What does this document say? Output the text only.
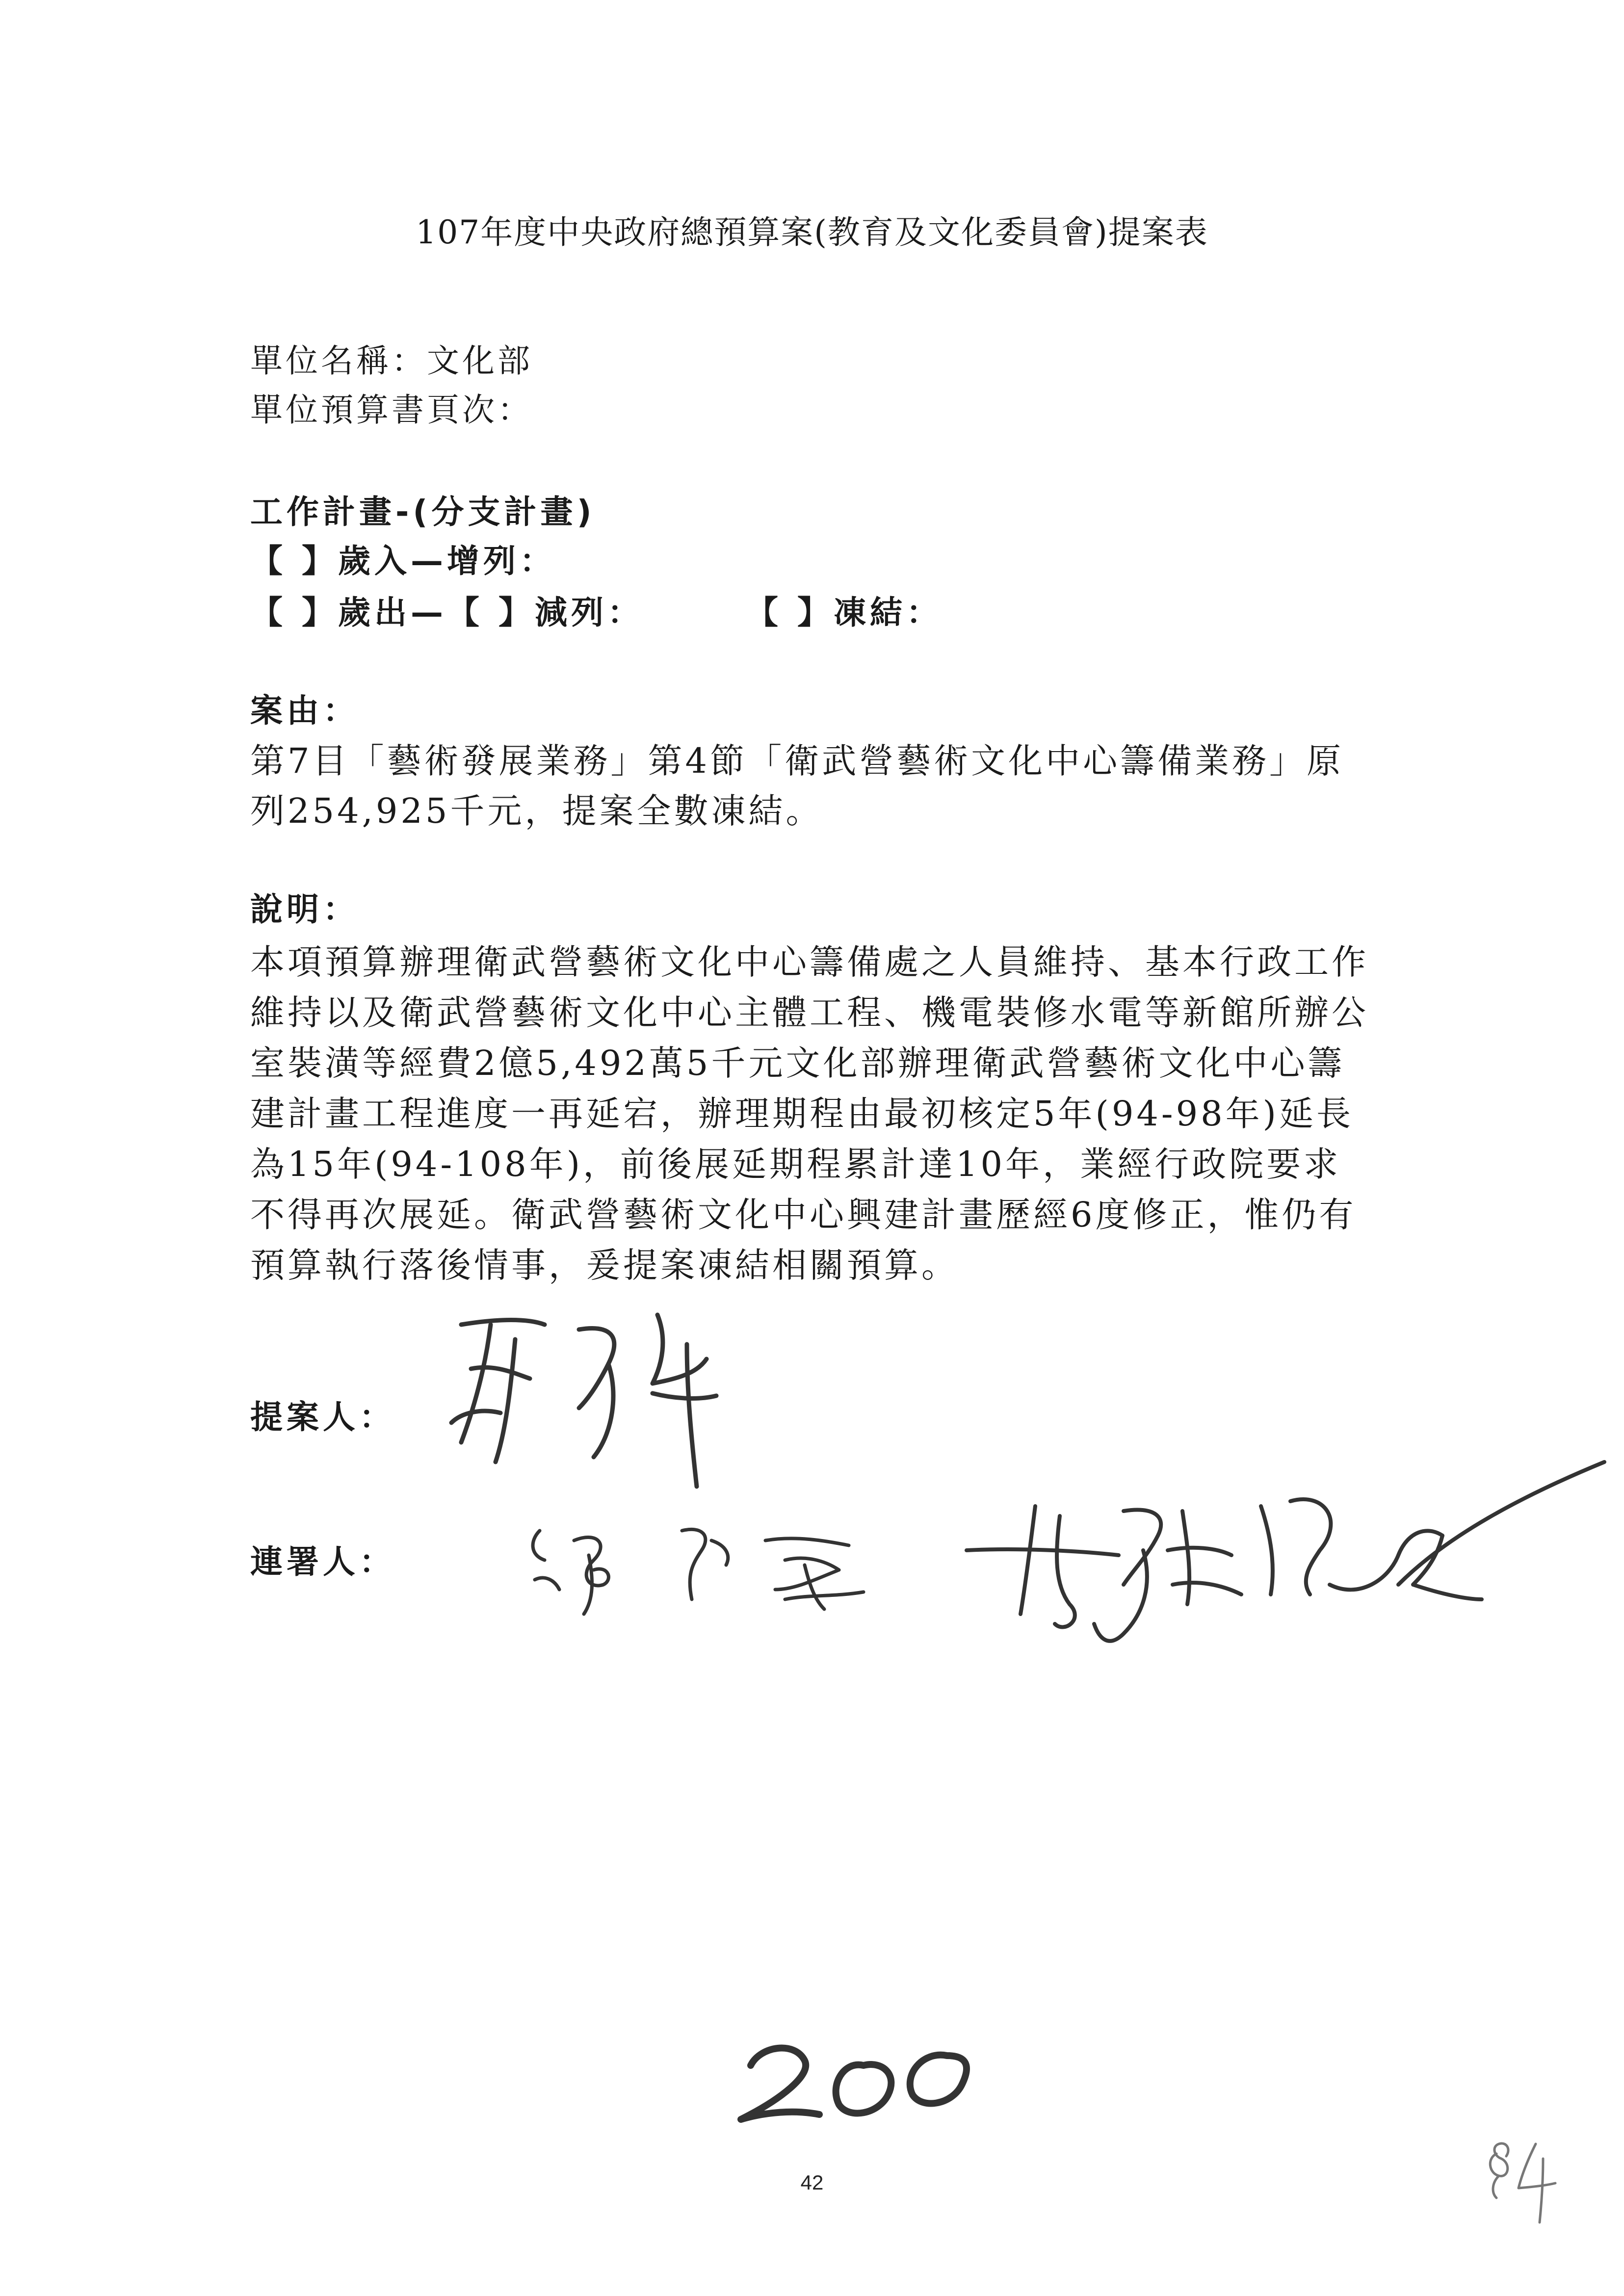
107年度中央政府總預算案(教育及文化委員會)提案表
單位名稱：文化部
單位預算書頁次：
工作計畫-(分支計畫)
【 】歲入—增列：
【 】歲出—【 】減列：	【 】凍結：
案由：
第7目「藝術發展業務」第4節「衛武營藝術文化中心籌備業務」原
列254,925千元，提案全數凍結。
說明：
本項預算辦理衛武營藝術文化中心籌備處之人員維持、基本行政工作
維持以及衛武營藝術文化中心主體工程、機電裝修水電等新館所辦公
室裝潢等經費2億5,492萬5千元文化部辦理衛武營藝術文化中心籌
建計畫工程進度一再延宕，辦理期程由最初核定5年(94-98年)延長
為15年(94-108年)，前後展延期程累計達10年，業經行政院要求
不得再次展延。衛武營藝術文化中心興建計畫歷經6度修正，惟仍有
預算執行落後情事，爰提案凍結相關預算。
提案人：
連署人：
42
